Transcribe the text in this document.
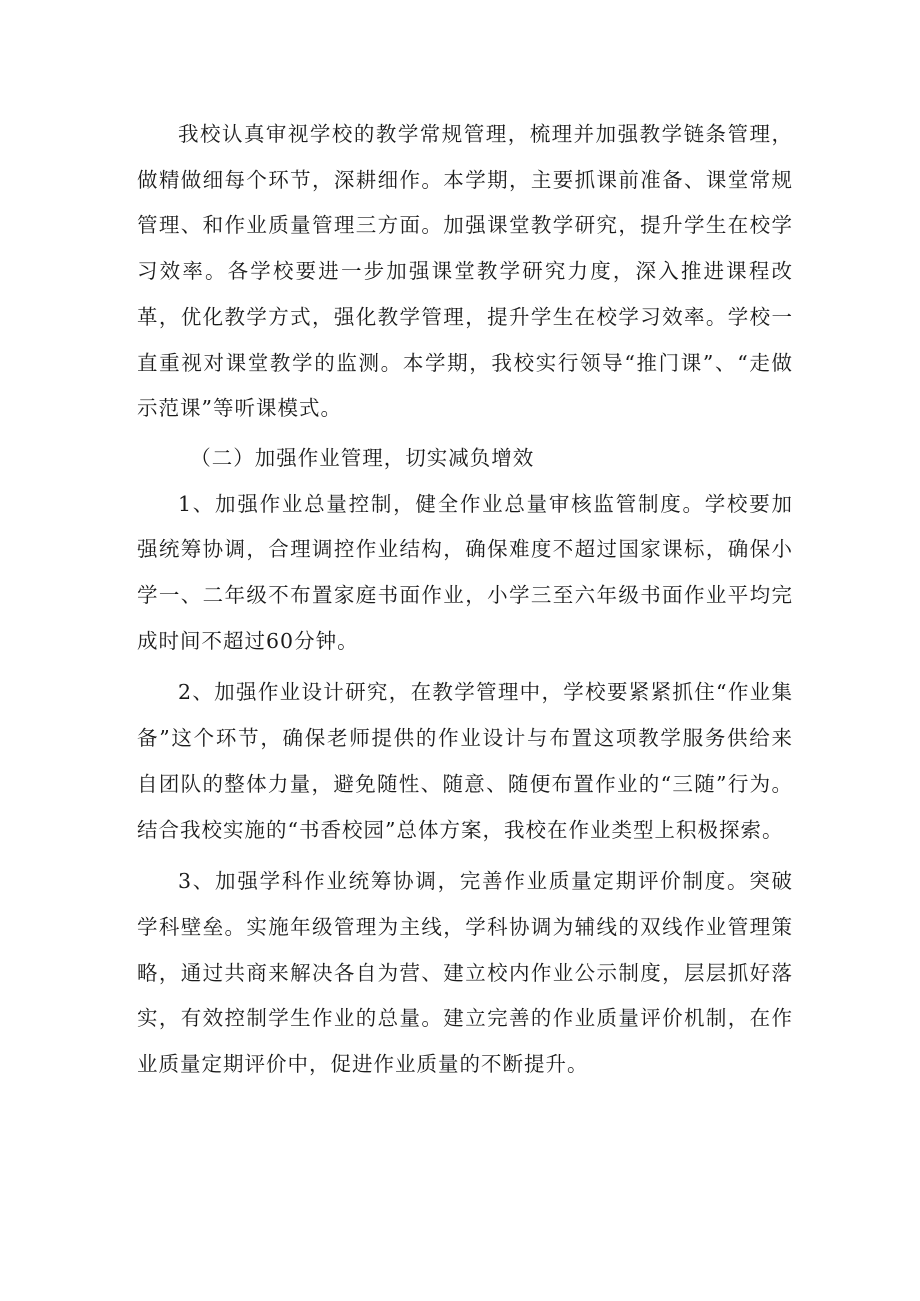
我校认真审视学校的教学常规管理，梳理并加强教学链条管理，做精做细每个环节，深耕细作。本学期，主要抓课前准备、课堂常规管理、和作业质量管理三方面。加强课堂教学研究，提升学生在校学习效率。各学校要进一步加强课堂教学研究力度，深入推进课程改革，优化教学方式，强化教学管理，提升学生在校学习效率。学校一直重视对课堂教学的监测。本学期，我校实行领导“推门课”、“走做示范课”等听课模式。

（二）加强作业管理，切实减负增效

1、加强作业总量控制，健全作业总量审核监管制度。学校要加强统筹协调，合理调控作业结构，确保难度不超过国家课标，确保小学一、二年级不布置家庭书面作业，小学三至六年级书面作业平均完成时间不超过60分钟。

2、加强作业设计研究，在教学管理中，学校要紧紧抓住“作业集备”这个环节，确保老师提供的作业设计与布置这项教学服务供给来自团队的整体力量，避免随性、随意、随便布置作业的“三随”行为。结合我校实施的“书香校园”总体方案，我校在作业类型上积极探索。

3、加强学科作业统筹协调，完善作业质量定期评价制度。突破学科壁垒。实施年级管理为主线，学科协调为辅线的双线作业管理策略，通过共商来解决各自为营、建立校内作业公示制度，层层抓好落实，有效控制学生作业的总量。建立完善的作业质量评价机制，在作业质量定期评价中，促进作业质量的不断提升。
